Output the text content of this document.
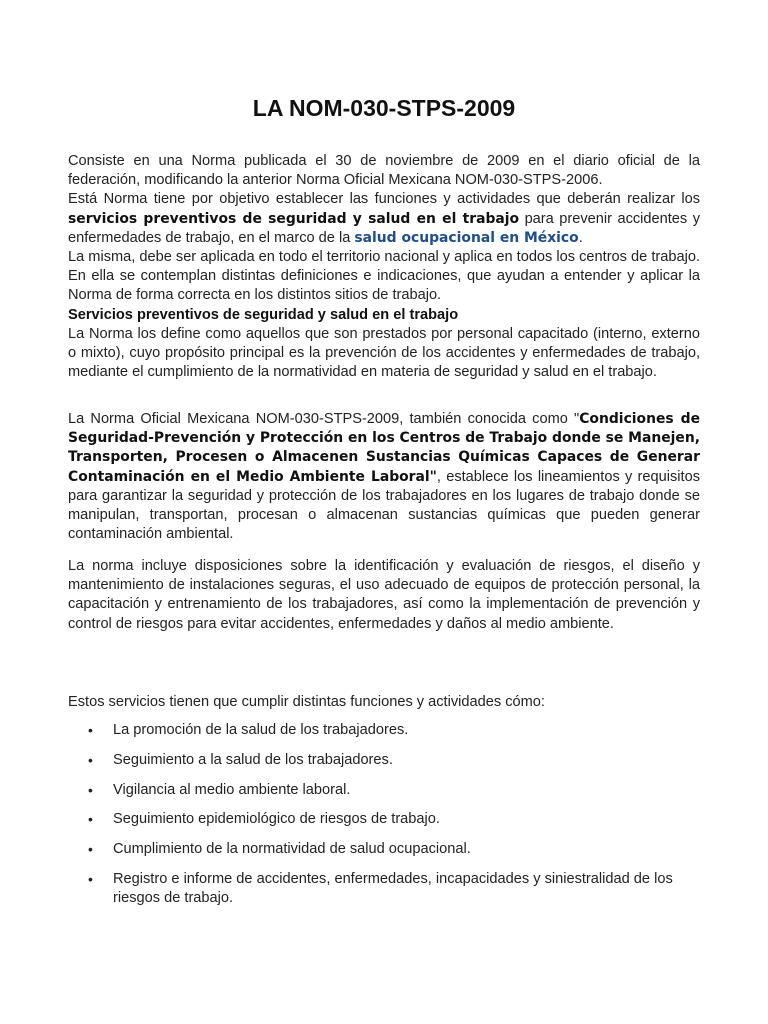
LA NOM-030-STPS-2009

Consiste en una Norma publicada el 30 de noviembre de 2009 en el diario oficial de la federación, modificando la anterior Norma Oficial Mexicana NOM-030-STPS-2006.

Está Norma tiene por objetivo establecer las funciones y actividades que deberán realizar los servicios preventivos de seguridad y salud en el trabajo para prevenir accidentes y enfermedades de trabajo, en el marco de la salud ocupacional en México.

La misma, debe ser aplicada en todo el territorio nacional y aplica en todos los centros de trabajo. En ella se contemplan distintas definiciones e indicaciones, que ayudan a entender y aplicar la Norma de forma correcta en los distintos sitios de trabajo.

Servicios preventivos de seguridad y salud en el trabajo

La Norma los define como aquellos que son prestados por personal capacitado (interno, externo o mixto), cuyo propósito principal es la prevención de los accidentes y enfermedades de trabajo, mediante el cumplimiento de la normatividad en materia de seguridad y salud en el trabajo.

La Norma Oficial Mexicana NOM-030-STPS-2009, también conocida como "Condiciones de Seguridad-Prevención y Protección en los Centros de Trabajo donde se Manejen, Transporten, Procesen o Almacenen Sustancias Químicas Capaces de Generar Contaminación en el Medio Ambiente Laboral", establece los lineamientos y requisitos para garantizar la seguridad y protección de los trabajadores en los lugares de trabajo donde se manipulan, transportan, procesan o almacenan sustancias químicas que pueden generar contaminación ambiental.

La norma incluye disposiciones sobre la identificación y evaluación de riesgos, el diseño y mantenimiento de instalaciones seguras, el uso adecuado de equipos de protección personal, la capacitación y entrenamiento de los trabajadores, así como la implementación de prevención y control de riesgos para evitar accidentes, enfermedades y daños al medio ambiente.

Estos servicios tienen que cumplir distintas funciones y actividades cómo:

• La promoción de la salud de los trabajadores.
• Seguimiento a la salud de los trabajadores.
• Vigilancia al medio ambiente laboral.
• Seguimiento epidemiológico de riesgos de trabajo.
• Cumplimiento de la normatividad de salud ocupacional.
• Registro e informe de accidentes, enfermedades, incapacidades y siniestralidad de los riesgos de trabajo.
